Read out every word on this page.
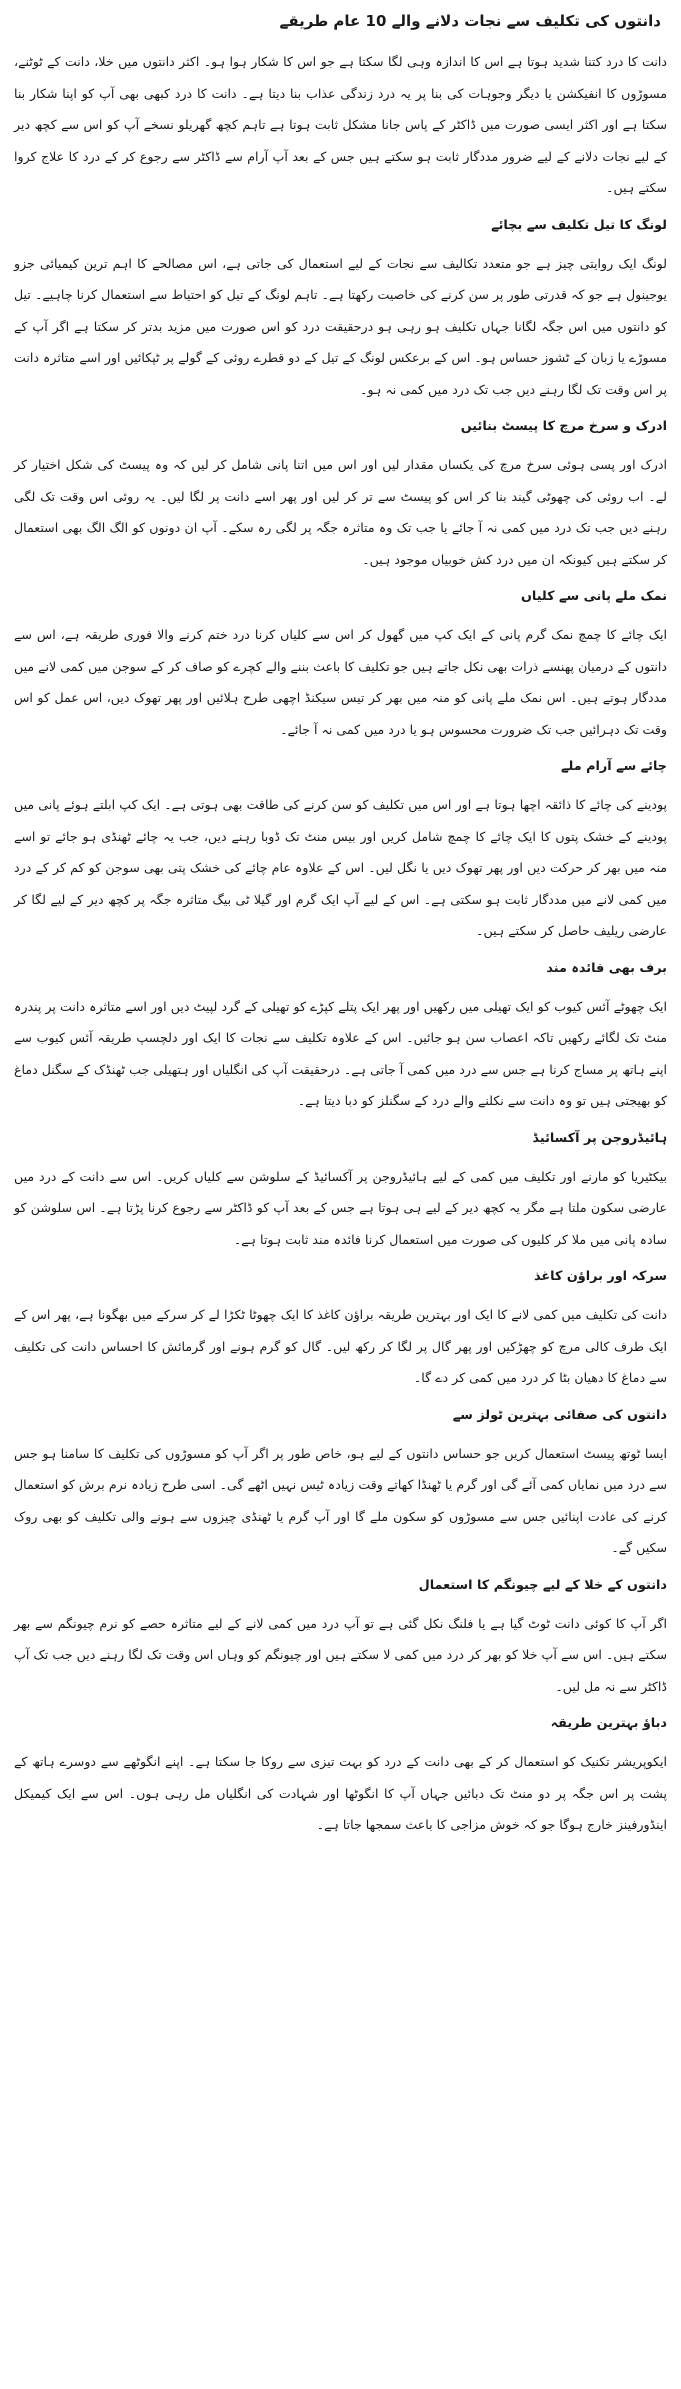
دانتوں کی تکلیف سے نجات دلانے والے 10 عام طریقے

دانت کا درد کتنا شدید ہوتا ہے اس کا اندازہ وہی لگا سکتا ہے جو اس کا شکار ہوا ہو۔ اکثر دانتوں میں خلا، دانت کے ٹوٹنے، مسوڑوں کا انفیکشن یا دیگر وجوہات کی بنا پر یہ درد زندگی عذاب بنا دیتا ہے۔ دانت کا درد کبھی بھی آپ کو اپنا شکار بنا سکتا ہے اور اکثر ایسی صورت میں ڈاکٹر کے پاس جانا مشکل ثابت ہوتا ہے تاہم کچھ گھریلو نسخے آپ کو اس سے کچھ دیر کے لیے نجات دلانے کے لیے ضرور مددگار ثابت ہو سکتے ہیں جس کے بعد آپ آرام سے ڈاکٹر سے رجوع کر کے درد کا علاج کروا سکتے ہیں۔

لونگ کا تیل تکلیف سے بچائے

لونگ ایک روایتی چیز ہے جو متعدد تکالیف سے نجات کے لیے استعمال کی جاتی ہے، اس مصالحے کا اہم ترین کیمیائی جزو یوجینول ہے جو کہ قدرتی طور پر سن کرنے کی خاصیت رکھتا ہے۔ تاہم لونگ کے تیل کو احتیاط سے استعمال کرنا چاہیے۔ تیل کو دانتوں میں اس جگہ لگانا جہاں تکلیف ہو رہی ہو درحقیقت درد کو اس صورت میں مزید بدتر کر سکتا ہے اگر آپ کے مسوڑے یا زبان کے ٹشوز حساس ہو۔ اس کے برعکس لونگ کے تیل کے دو قطرے روئی کے گولے پر ٹپکائیں اور اسے متاثرہ دانت پر اس وقت تک لگا رہنے دیں جب تک درد میں کمی نہ ہو۔

ادرک و سرخ مرچ کا پیسٹ بنائیں

ادرک اور پسی ہوئی سرخ مرچ کی یکساں مقدار لیں اور اس میں اتنا پانی شامل کر لیں کہ وہ پیسٹ کی شکل اختیار کر لے۔ اب روئی کی چھوٹی گیند بنا کر اس کو پیسٹ سے تر کر لیں اور پھر اسے دانت پر لگا لیں۔ یہ روئی اس وقت تک لگی رہنے دیں جب تک درد میں کمی نہ آ جائے یا جب تک وہ متاثرہ جگہ پر لگی رہ سکے۔ آپ ان دونوں کو الگ الگ بھی استعمال کر سکتے ہیں کیونکہ ان میں درد کش خوبیاں موجود ہیں۔

نمک ملے پانی سے کلیاں

ایک چائے کا چمچ نمک گرم پانی کے ایک کپ میں گھول کر اس سے کلیاں کرنا درد ختم کرنے والا فوری طریقہ ہے، اس سے دانتوں کے درمیان پھنسے ذرات بھی نکل جاتے ہیں جو تکلیف کا باعث بننے والے کچرے کو صاف کر کے سوجن میں کمی لانے میں مددگار ہوتے ہیں۔ اس نمک ملے پانی کو منہ میں بھر کر تیس سیکنڈ اچھی طرح ہلائیں اور پھر تھوک دیں، اس عمل کو اس وقت تک دہرائیں جب تک ضرورت محسوس ہو یا درد میں کمی نہ آ جائے۔

چائے سے آرام ملے

پودینے کی چائے کا ذائقہ اچھا ہوتا ہے اور اس میں تکلیف کو سن کرنے کی طاقت بھی ہوتی ہے۔ ایک کپ ابلتے ہوئے پانی میں پودینے کے خشک پتوں کا ایک چائے کا چمچ شامل کریں اور بیس منٹ تک ڈوبا رہنے دیں، جب یہ چائے ٹھنڈی ہو جائے تو اسے منہ میں بھر کر حرکت دیں اور پھر تھوک دیں یا نگل لیں۔ اس کے علاوہ عام چائے کی خشک پتی بھی سوجن کو کم کر کے درد میں کمی لانے میں مددگار ثابت ہو سکتی ہے۔ اس کے لیے آپ ایک گرم اور گیلا ٹی بیگ متاثرہ جگہ پر کچھ دیر کے لیے لگا کر عارضی ریلیف حاصل کر سکتے ہیں۔

برف بھی فائدہ مند

ایک چھوٹے آئس کیوب کو ایک تھیلی میں رکھیں اور پھر ایک پتلے کپڑے کو تھیلی کے گرد لپیٹ دیں اور اسے متاثرہ دانت پر پندرہ منٹ تک لگائے رکھیں تاکہ اعصاب سن ہو جائیں۔ اس کے علاوہ تکلیف سے نجات کا ایک اور دلچسپ طریقہ آئس کیوب سے اپنے ہاتھ پر مساج کرنا ہے جس سے درد میں کمی آ جاتی ہے۔ درحقیقت آپ کی انگلیاں اور ہتھیلی جب ٹھنڈک کے سگنل دماغ کو بھیجتی ہیں تو وہ دانت سے نکلنے والے درد کے سگنلز کو دبا دیتا ہے۔

ہائیڈروجن پر آکسائیڈ

بیکٹیریا کو مارنے اور تکلیف میں کمی کے لیے ہائیڈروجن پر آکسائیڈ کے سلوشن سے کلیاں کریں۔ اس سے دانت کے درد میں عارضی سکون ملتا ہے مگر یہ کچھ دیر کے لیے ہی ہوتا ہے جس کے بعد آپ کو ڈاکٹر سے رجوع کرنا پڑتا ہے۔ اس سلوشن کو سادہ پانی میں ملا کر کلیوں کی صورت میں استعمال کرنا فائدہ مند ثابت ہوتا ہے۔

سرکہ اور براؤن کاغذ

دانت کی تکلیف میں کمی لانے کا ایک اور بہترین طریقہ براؤن کاغذ کا ایک چھوٹا ٹکڑا لے کر سرکے میں بھگونا ہے، پھر اس کے ایک طرف کالی مرچ کو چھڑکیں اور پھر گال پر لگا کر رکھ لیں۔ گال کو گرم ہونے اور گرمائش کا احساس دانت کی تکلیف سے دماغ کا دھیان بٹا کر درد میں کمی کر دے گا۔

دانتوں کی صفائی بہترین ٹولز سے

ایسا ٹوتھ پیسٹ استعمال کریں جو حساس دانتوں کے لیے ہو، خاص طور پر اگر آپ کو مسوڑوں کی تکلیف کا سامنا ہو جس سے درد میں نمایاں کمی آئے گی اور گرم یا ٹھنڈا کھاتے وقت زیادہ ٹیس نہیں اٹھے گی۔ اسی طرح زیادہ نرم برش کو استعمال کرنے کی عادت اپنائیں جس سے مسوڑوں کو سکون ملے گا اور آپ گرم یا ٹھنڈی چیزوں سے ہونے والی تکلیف کو بھی روک سکیں گے۔

دانتوں کے خلا کے لیے چیونگم کا استعمال

اگر آپ کا کوئی دانت ٹوٹ گیا ہے یا فلنگ نکل گئی ہے تو آپ درد میں کمی لانے کے لیے متاثرہ حصے کو نرم چیونگم سے بھر سکتے ہیں۔ اس سے آپ خلا کو بھر کر درد میں کمی لا سکتے ہیں اور چیونگم کو وہاں اس وقت تک لگا رہنے دیں جب تک آپ ڈاکٹر سے نہ مل لیں۔

دباؤ بہترین طریقہ

ایکوپریشر تکنیک کو استعمال کر کے بھی دانت کے درد کو بہت تیزی سے روکا جا سکتا ہے۔ اپنے انگوٹھے سے دوسرے ہاتھ کے پشت پر اس جگہ پر دو منٹ تک دبائیں جہاں آپ کا انگوٹھا اور شہادت کی انگلیاں مل رہی ہوں۔ اس سے ایک کیمیکل اینڈورفینز خارج ہوگا جو کہ خوش مزاجی کا باعث سمجھا جاتا ہے۔
